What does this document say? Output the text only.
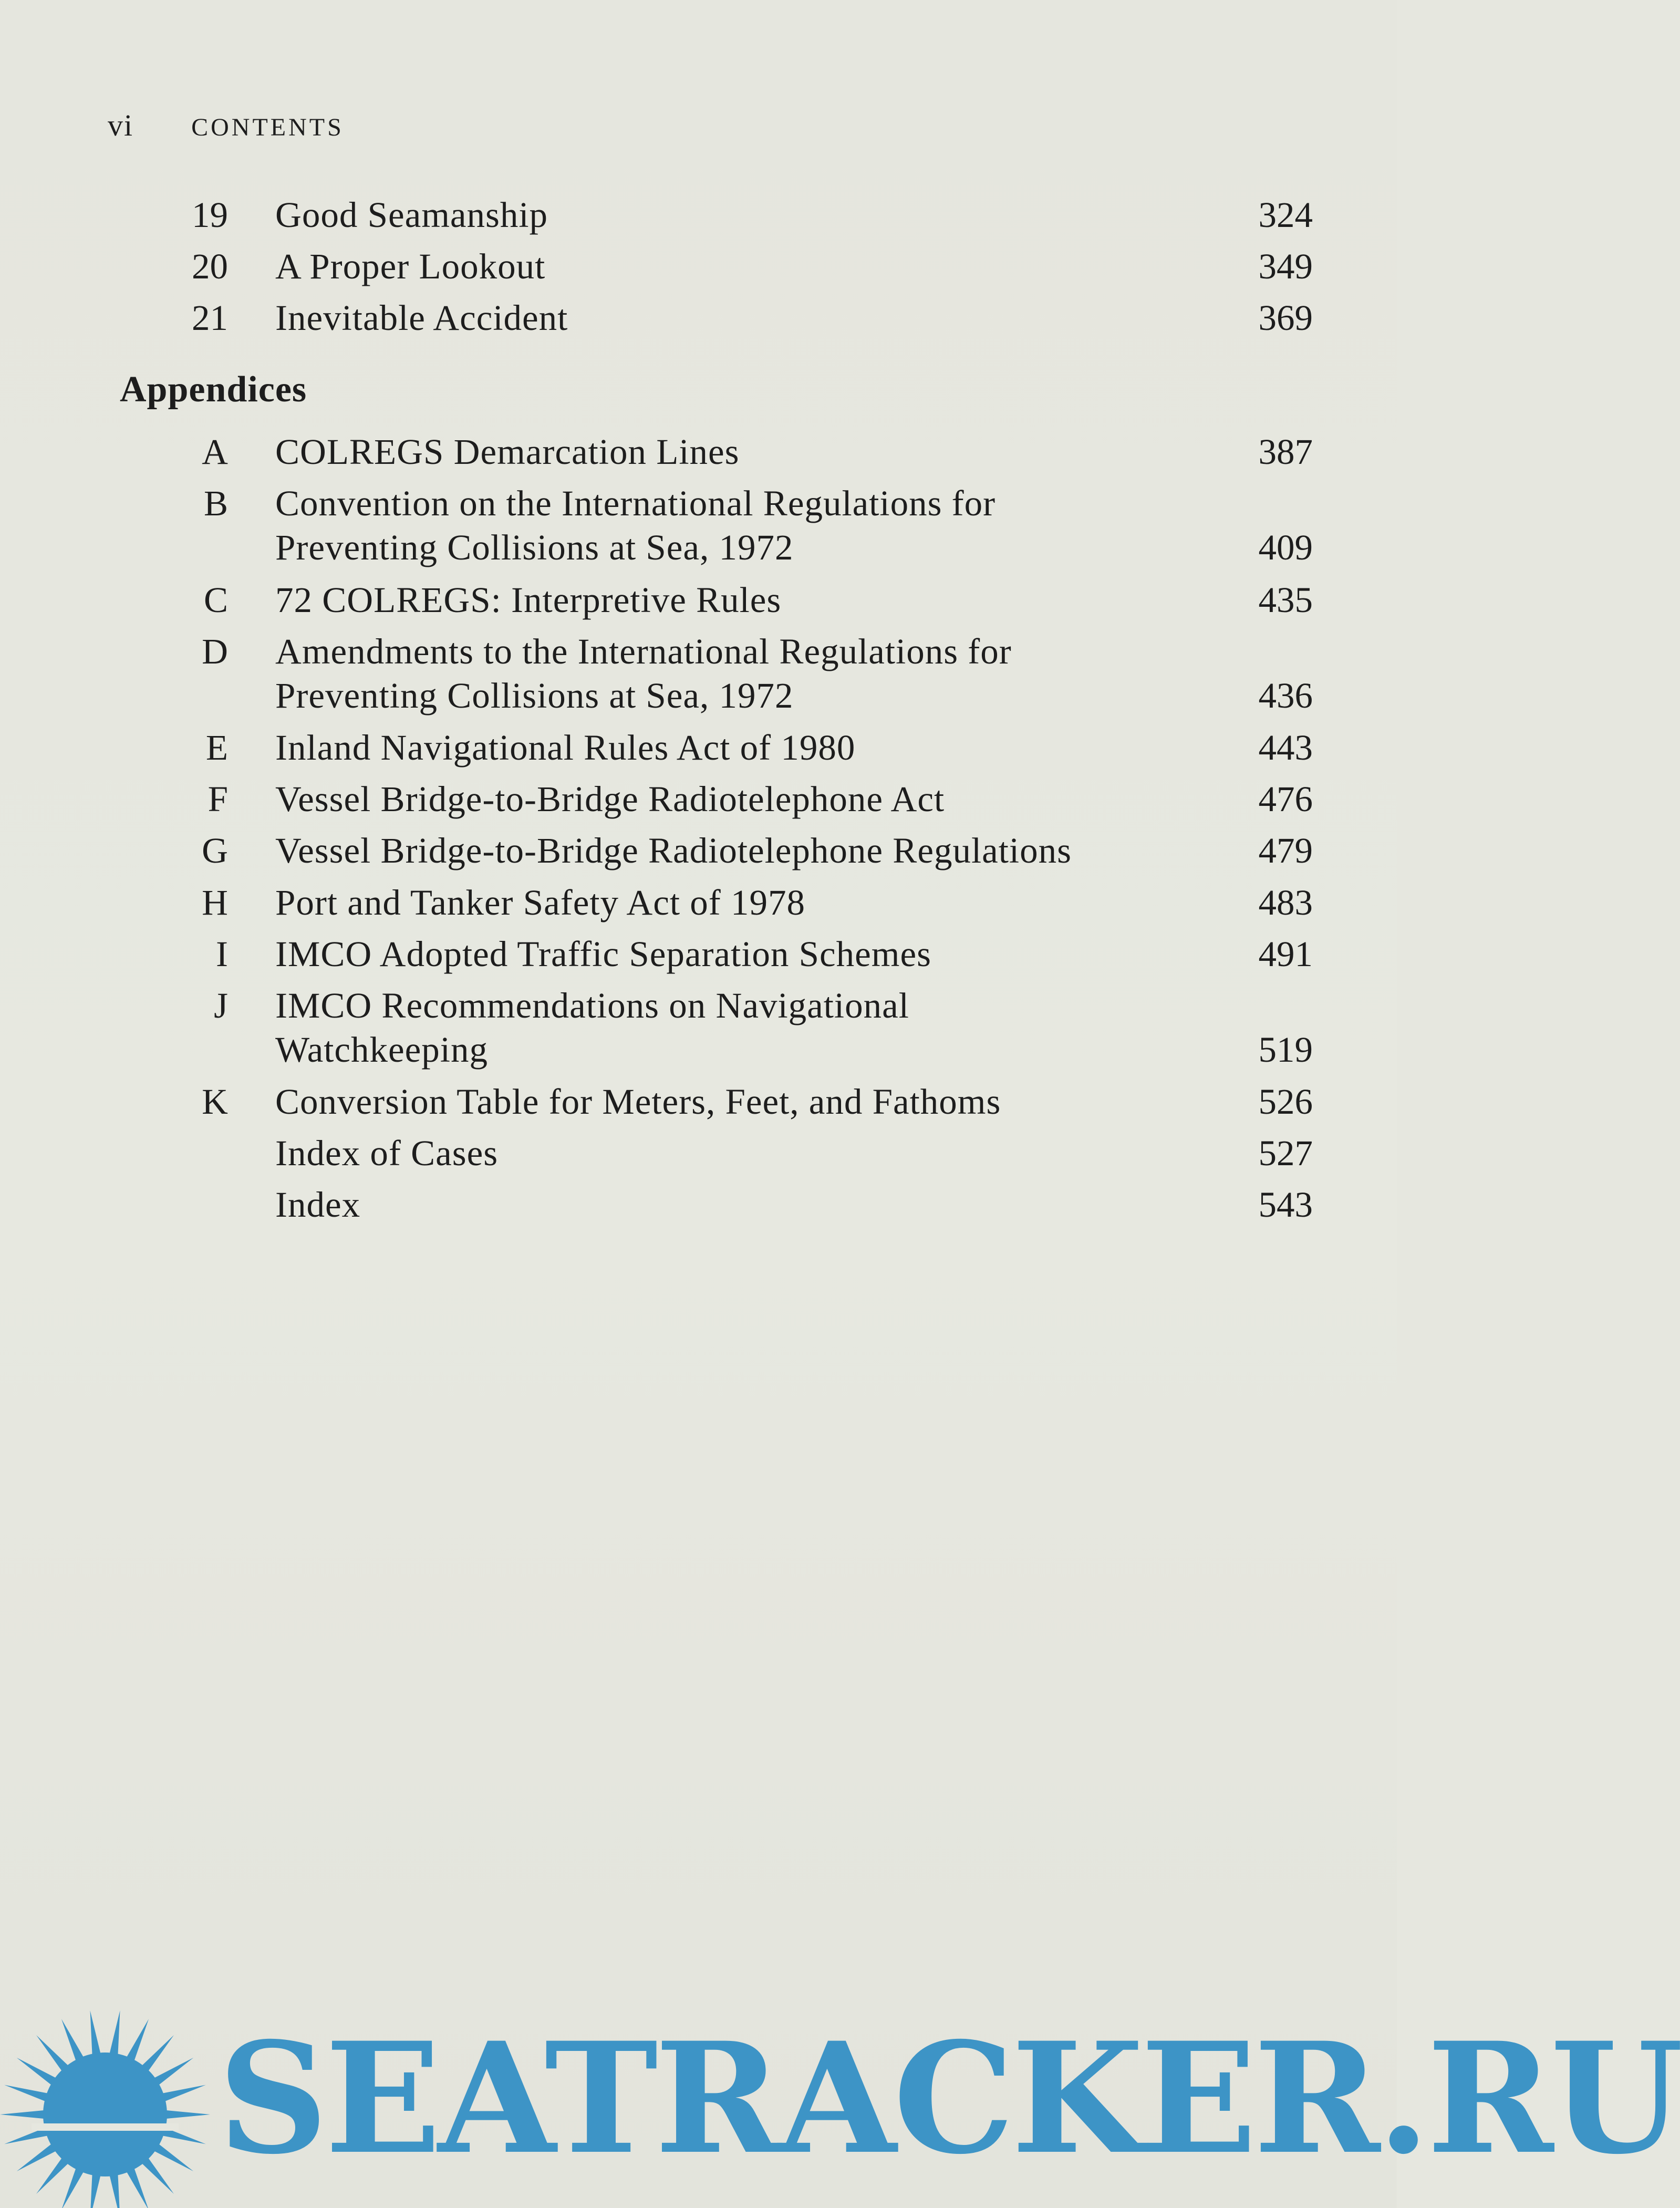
vi CONTENTS
19 Good Seamanship	324
20 A Proper Lookout	349
21 Inevitable Accident	369
Appendices
A COLREGS Demarcation Lines	387
B Convention on the International Regulations for
Preventing Collisions at Sea, 1972	409
C 72 COLREGS: Interpretive Rules	435
D Amendments to the International Regulations for
Preventing Collisions at Sea, 1972	436
E Inland Navigational Rules Act of 1980	443
F Vessel Bridge-to-Bridge Radiotelephone Act	476
G Vessel Bridge-to-Bridge Radiotelephone Regulations	479
H Port and Tanker Safety Act of 1978	483
I IMCO Adopted Traffic Separation Schemes	491
J IMCO Recommendations on Navigational
Watchkeeping	519
K Conversion Table for Meters, Feet, and Fathoms	526
Index of Cases	527
Index	543
SEATRACKER.RU
